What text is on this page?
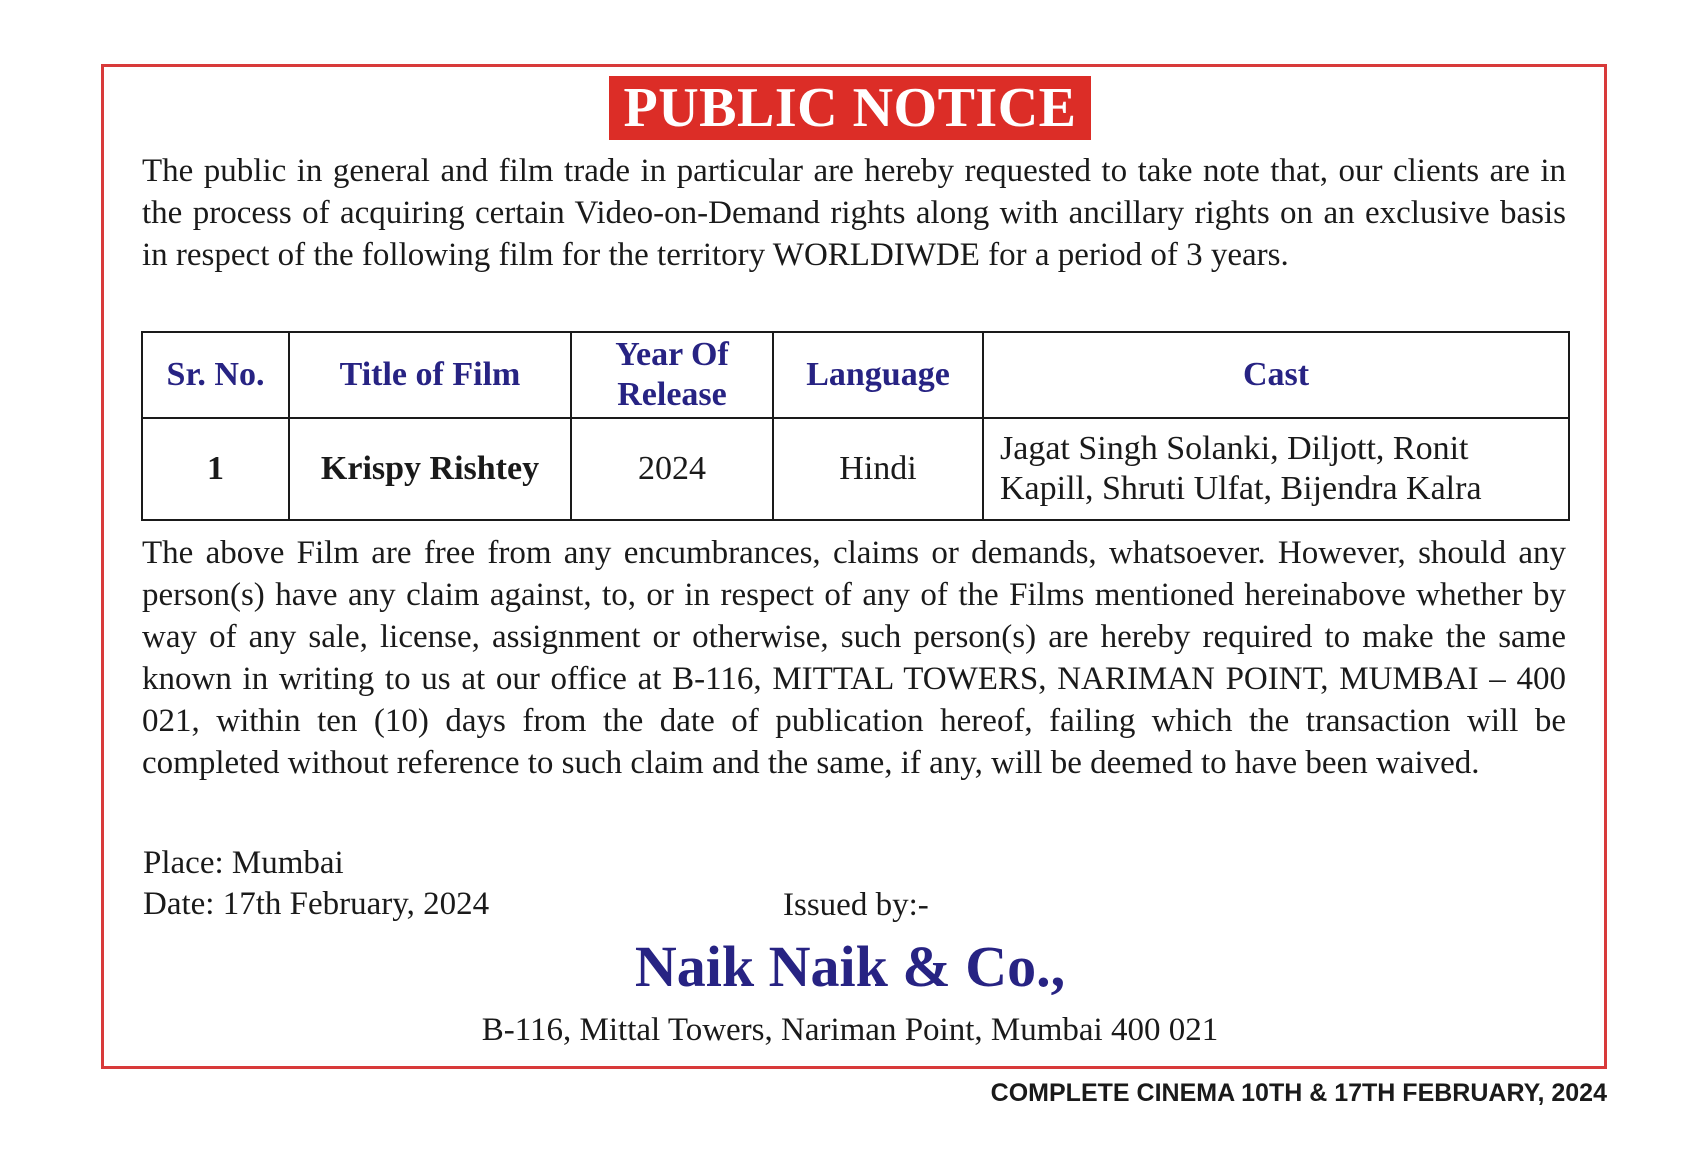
PUBLIC NOTICE

The public in general and film trade in particular are hereby requested to take note that, our clients are in the process of acquiring certain Video-on-Demand rights along with ancillary rights on an exclusive basis in respect of the following film for the territory WORLDIWDE for a period of 3 years.

Sr. No.	Title of Film	Year Of Release	Language	Cast
1	Krispy Rishtey	2024	Hindi	Jagat Singh Solanki, Diljott, Ronit Kapill, Shruti Ulfat, Bijendra Kalra

The above Film are free from any encumbrances, claims or demands, whatsoever. However, should any person(s) have any claim against, to, or in respect of any of the Films mentioned hereinabove whether by way of any sale, license, assignment or otherwise, such person(s) are hereby required to make the same known in writing to us at our office at B-116, MITTAL TOWERS, NARIMAN POINT, MUMBAI – 400 021, within ten (10) days from the date of publication hereof, failing which the transaction will be completed without reference to such claim and the same, if any, will be deemed to have been waived.

Place: Mumbai
Date: 17th February, 2024	Issued by:-
Naik Naik & Co.,
B-116, Mittal Towers, Nariman Point, Mumbai 400 021
COMPLETE CINEMA 10TH & 17TH FEBRUARY, 2024
